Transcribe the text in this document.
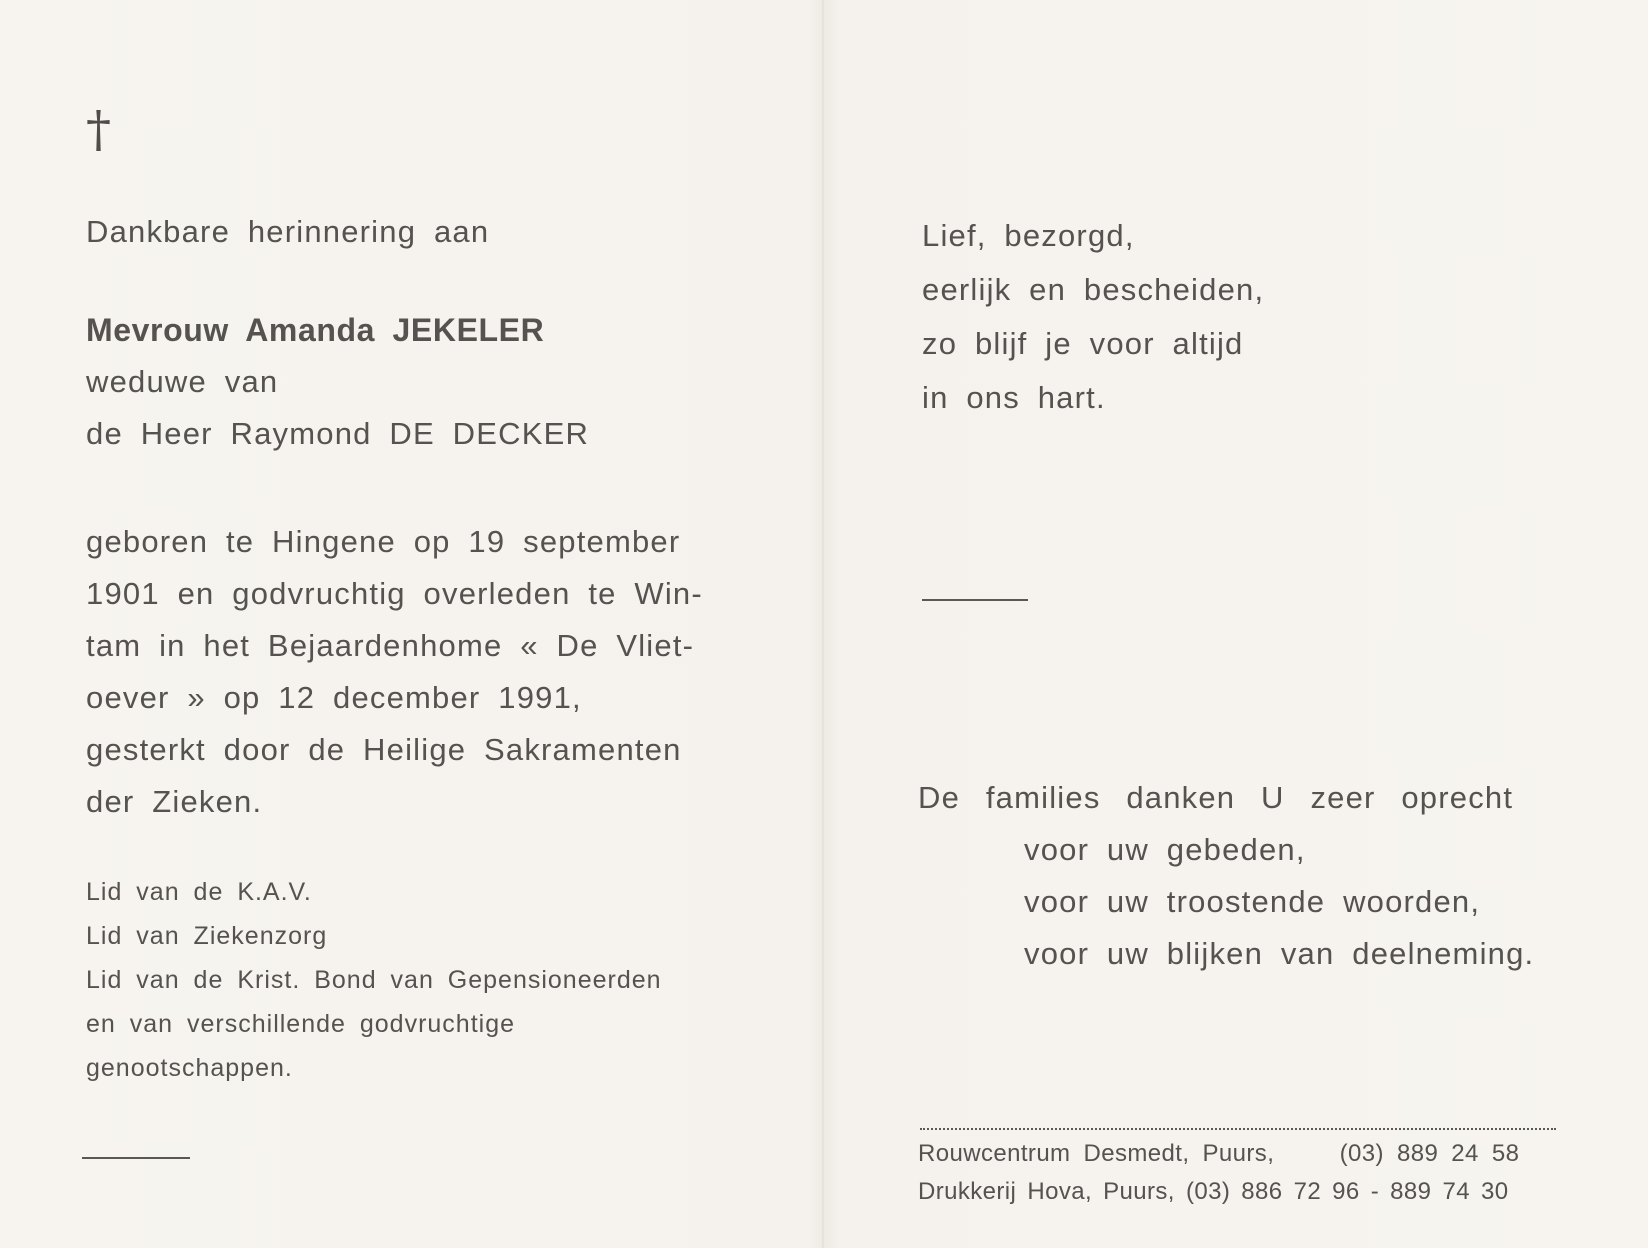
†
Dankbare herinnering aan
Mevrouw Amanda JEKELER
weduwe van
de Heer Raymond DE DECKER
geboren te Hingene op 19 september
1901 en godvruchtig overleden te Win-
tam in het Bejaardenhome « De Vliet-
oever » op 12 december 1991,
gesterkt door de Heilige Sakramenten
der Zieken.
Lid van de K.A.V.
Lid van Ziekenzorg
Lid van de Krist. Bond van Gepensioneerden
en van verschillende godvruchtige
genootschappen.
Lief, bezorgd,
eerlijk en bescheiden,
zo blijf je voor altijd
in ons hart.
De families danken U zeer oprecht
voor uw gebeden,
voor uw troostende woorden,
voor uw blijken van deelneming.
Rouwcentrum Desmedt, Puurs,     (03) 889 24 58
Drukkerij Hova, Puurs, (03) 886 72 96 - 889 74 30
